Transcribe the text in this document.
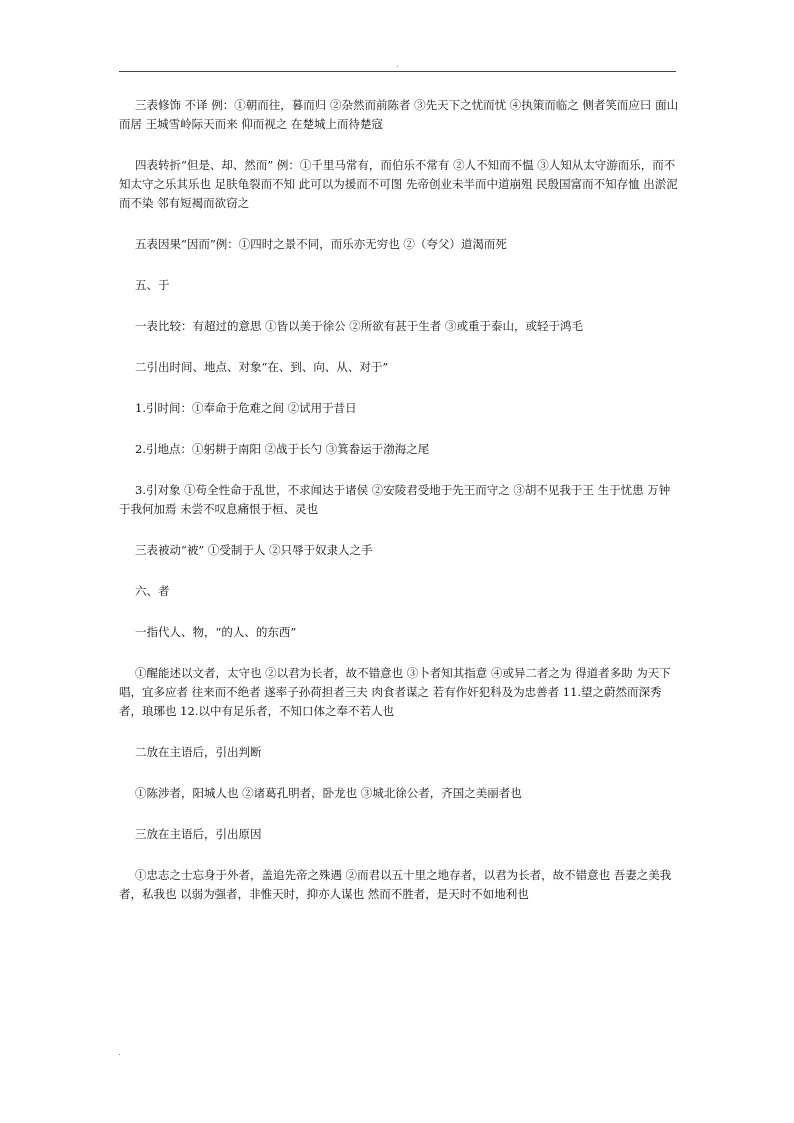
.

三表修饰 不译 例：①朝而往，暮而归 ②杂然而前陈者 ③先天下之忧而忧 ④执策而临之 侧者笑而应曰 面山而居 王城雪岭际天而来 仰而视之 在楚城上而待楚寇

四表转折“但是、却、然而” 例：①千里马常有，而伯乐不常有 ②人不知而不愠 ③人知从太守游而乐，而不知太守之乐其乐也 足肤龟裂而不知 此可以为援而不可图 先帝创业未半而中道崩殂 民殷国富而不知存恤 出淤泥而不染 邻有短褐而欲窃之

五表因果“因而”例：①四时之景不同，而乐亦无穷也 ②（夸父）道渴而死

五、于

一表比较：有超过的意思 ①皆以美于徐公 ②所欲有甚于生者 ③或重于泰山，或轻于鸿毛

二引出时间、地点、对象“在、到、向、从、对于”

1.引时间：①奉命于危难之间 ②试用于昔日

2.引地点：①躬耕于南阳 ②战于长勺 ③箕畚运于渤海之尾

3.引对象 ①苟全性命于乱世，不求闻达于诸侯 ②安陵君受地于先王而守之 ③胡不见我于王 生于忧患 万钟于我何加焉 未尝不叹息痛恨于桓、灵也

三表被动“被” ①受制于人 ②只辱于奴隶人之手

六、者

一指代人、物，“的人、的东西”

①醒能述以文者，太守也 ②以君为长者，故不错意也 ③卜者知其指意 ④或异二者之为 得道者多助 为天下唱，宜多应者 往来而不绝者 遂率子孙荷担者三夫 肉食者谋之 若有作奸犯科及为忠善者 11.望之蔚然而深秀者，琅琊也 12.以中有足乐者，不知口体之奉不若人也

二放在主语后，引出判断

①陈涉者，阳城人也 ②诸葛孔明者，卧龙也 ③城北徐公者，齐国之美丽者也

三放在主语后，引出原因

①忠志之士忘身于外者，盖追先帝之殊遇 ②而君以五十里之地存者，以君为长者，故不错意也 吾妻之美我者，私我也 以弱为强者，非惟天时，抑亦人谋也 然而不胜者，是天时不如地利也

.
